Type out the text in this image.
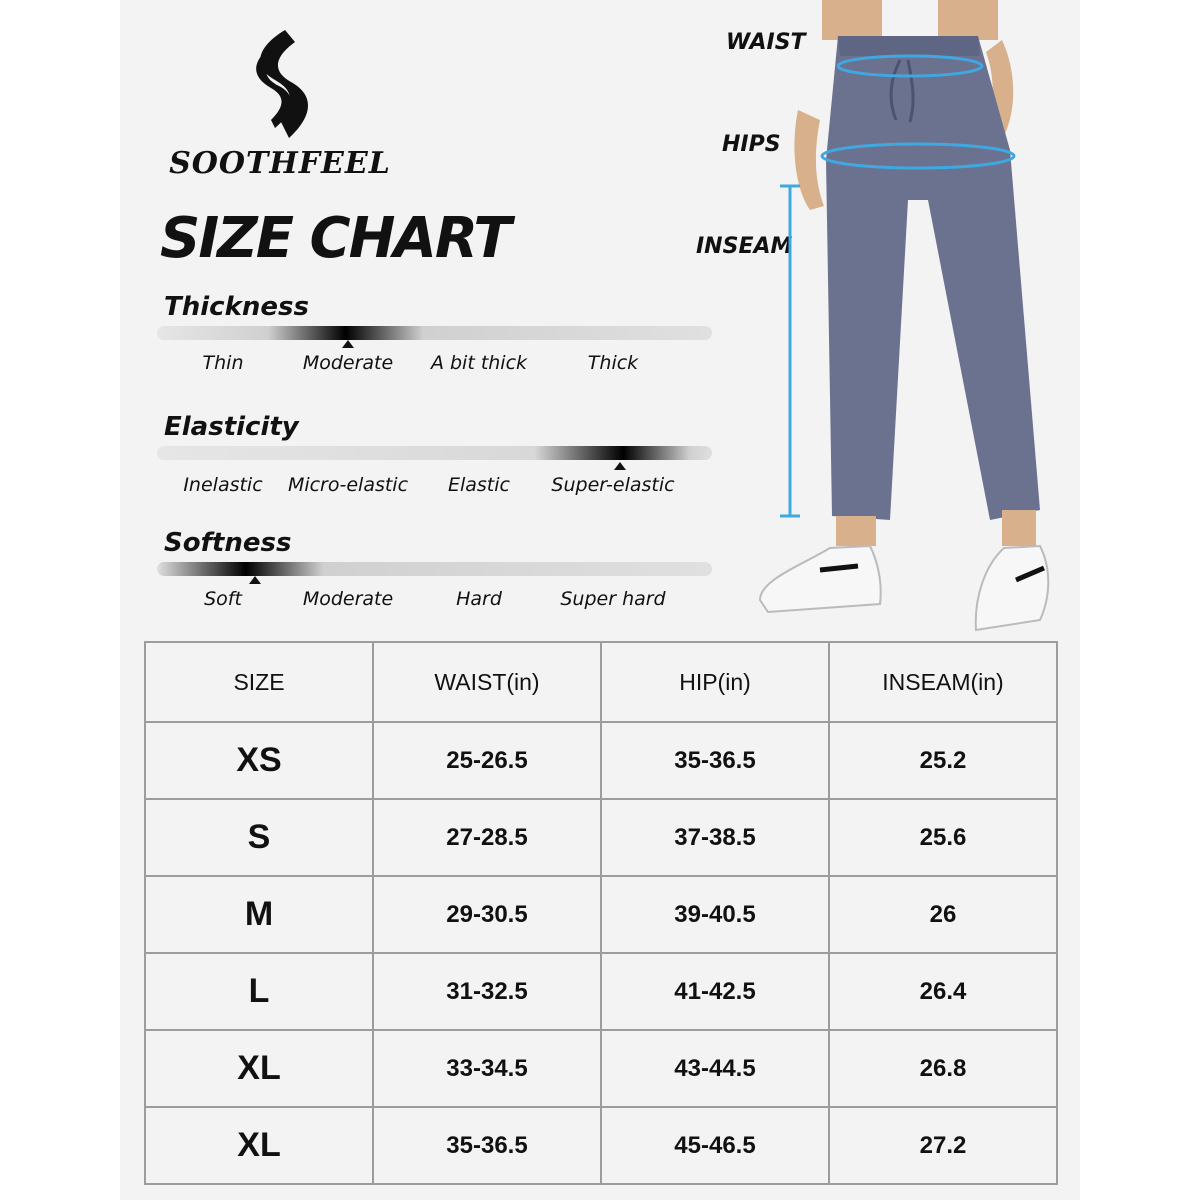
SOOTHFEEL
SIZE CHART
Thickness
Thin	Moderate	A bit thick	Thick
Elasticity
Inelastic	Micro-elastic	Elastic	Super-elastic
Softness
Soft	Moderate	Hard	Super hard
WAIST
HIPS
INSEAM
SIZE	WAIST(in)	HIP(in)	INSEAM(in)
XS	25-26.5	35-36.5	25.2
S	27-28.5	37-38.5	25.6
M	29-30.5	39-40.5	26
L	31-32.5	41-42.5	26.4
XL	33-34.5	43-44.5	26.8
XL	35-36.5	45-46.5	27.2
